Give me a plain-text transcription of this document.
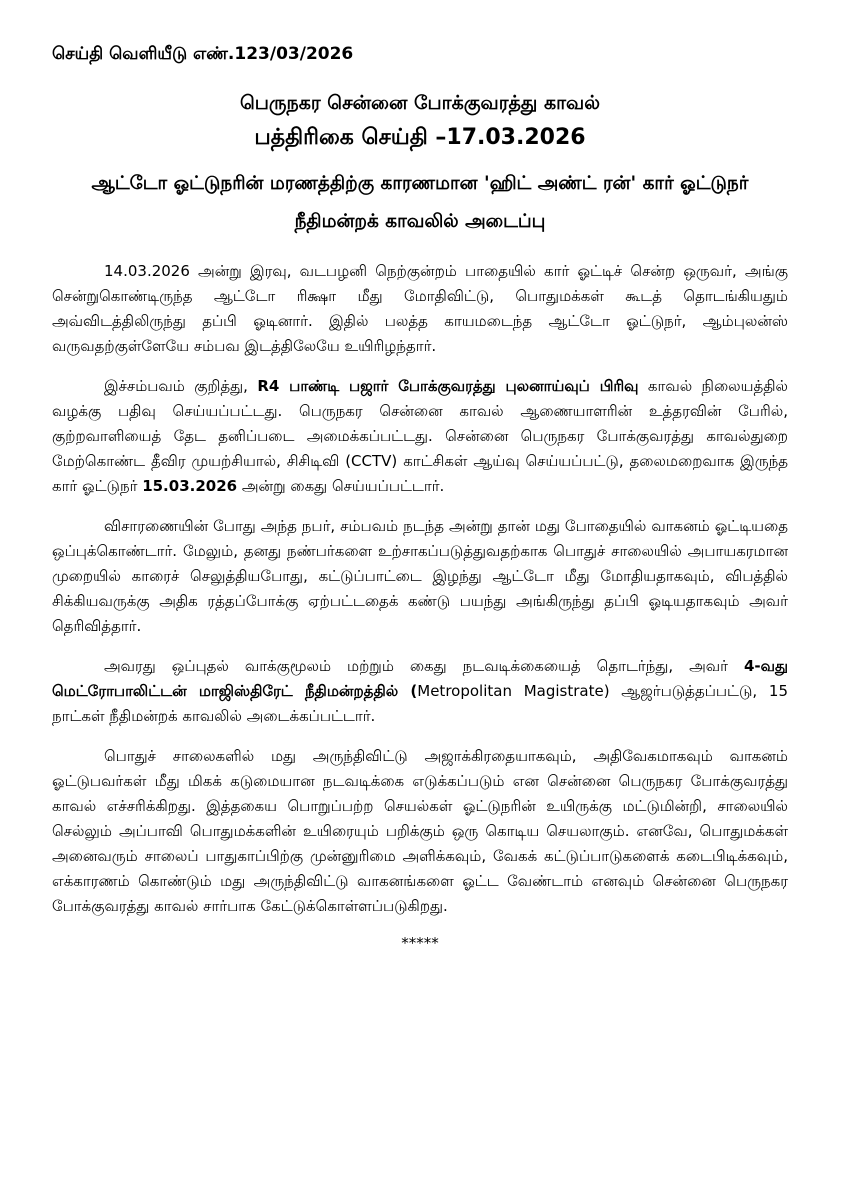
செய்தி வெளியீடு எண்.123/03/2026
பெருநகர சென்னை போக்குவரத்து காவல்
பத்திரிகை செய்தி –17.03.2026
ஆட்டோ ஓட்டுநரின் மரணத்திற்கு காரணமான 'ஹிட் அண்ட் ரன்' கார் ஓட்டுநர் நீதிமன்றக் காவலில் அடைப்பு

14.03.2026 அன்று இரவு, வடபழனி நெற்குன்றம் பாதையில் கார் ஓட்டிச் சென்ற ஒருவர், அங்கு சென்றுகொண்டிருந்த ஆட்டோ ரிக்ஷா மீது மோதிவிட்டு, பொதுமக்கள் கூடத் தொடங்கியதும் அவ்விடத்திலிருந்து தப்பி ஓடினார். இதில் பலத்த காயமடைந்த ஆட்டோ ஓட்டுநர், ஆம்புலன்ஸ் வருவதற்குள்ளேயே சம்பவ இடத்திலேயே உயிரிழந்தார்.

இச்சம்பவம் குறித்து, R4 பாண்டி பஜார் போக்குவரத்து புலனாய்வுப் பிரிவு காவல் நிலையத்தில் வழக்கு பதிவு செய்யப்பட்டது. பெருநகர சென்னை காவல் ஆணையாளரின் உத்தரவின் பேரில், குற்றவாளியைத் தேட தனிப்படை அமைக்கப்பட்டது. சென்னை பெருநகர போக்குவரத்து காவல்துறை மேற்கொண்ட தீவிர முயற்சியால், சிசிடிவி (CCTV) காட்சிகள் ஆய்வு செய்யப்பட்டு, தலைமறைவாக இருந்த கார் ஓட்டுநர் 15.03.2026 அன்று கைது செய்யப்பட்டார்.

விசாரணையின் போது அந்த நபர், சம்பவம் நடந்த அன்று தான் மது போதையில் வாகனம் ஓட்டியதை ஒப்புக்கொண்டார். மேலும், தனது நண்பர்களை உற்சாகப்படுத்துவதற்காக பொதுச் சாலையில் அபாயகரமான முறையில் காரைச் செலுத்தியபோது, கட்டுப்பாட்டை இழந்து ஆட்டோ மீது மோதியதாகவும், விபத்தில் சிக்கியவருக்கு அதிக ரத்தப்போக்கு ஏற்பட்டதைக் கண்டு பயந்து அங்கிருந்து தப்பி ஓடியதாகவும் அவர் தெரிவித்தார்.

அவரது ஒப்புதல் வாக்குமூலம் மற்றும் கைது நடவடிக்கையைத் தொடர்ந்து, அவர் 4-வது மெட்ரோபாலிட்டன் மாஜிஸ்திரேட் நீதிமன்றத்தில் (Metropolitan Magistrate) ஆஜர்படுத்தப்பட்டு, 15 நாட்கள் நீதிமன்றக் காவலில் அடைக்கப்பட்டார்.

பொதுச் சாலைகளில் மது அருந்திவிட்டு அஜாக்கிரதையாகவும், அதிவேகமாகவும் வாகனம் ஓட்டுபவர்கள் மீது மிகக் கடுமையான நடவடிக்கை எடுக்கப்படும் என சென்னை பெருநகர போக்குவரத்து காவல் எச்சரிக்கிறது. இத்தகைய பொறுப்பற்ற செயல்கள் ஓட்டுநரின் உயிருக்கு மட்டுமின்றி, சாலையில் செல்லும் அப்பாவி பொதுமக்களின் உயிரையும் பறிக்கும் ஒரு கொடிய செயலாகும். எனவே, பொதுமக்கள் அனைவரும் சாலைப் பாதுகாப்பிற்கு முன்னுரிமை அளிக்கவும், வேகக் கட்டுப்பாடுகளைக் கடைபிடிக்கவும், எக்காரணம் கொண்டும் மது அருந்திவிட்டு வாகனங்களை ஓட்ட வேண்டாம் எனவும் சென்னை பெருநகர போக்குவரத்து காவல் சார்பாக கேட்டுக்கொள்ளப்படுகிறது.

*****
